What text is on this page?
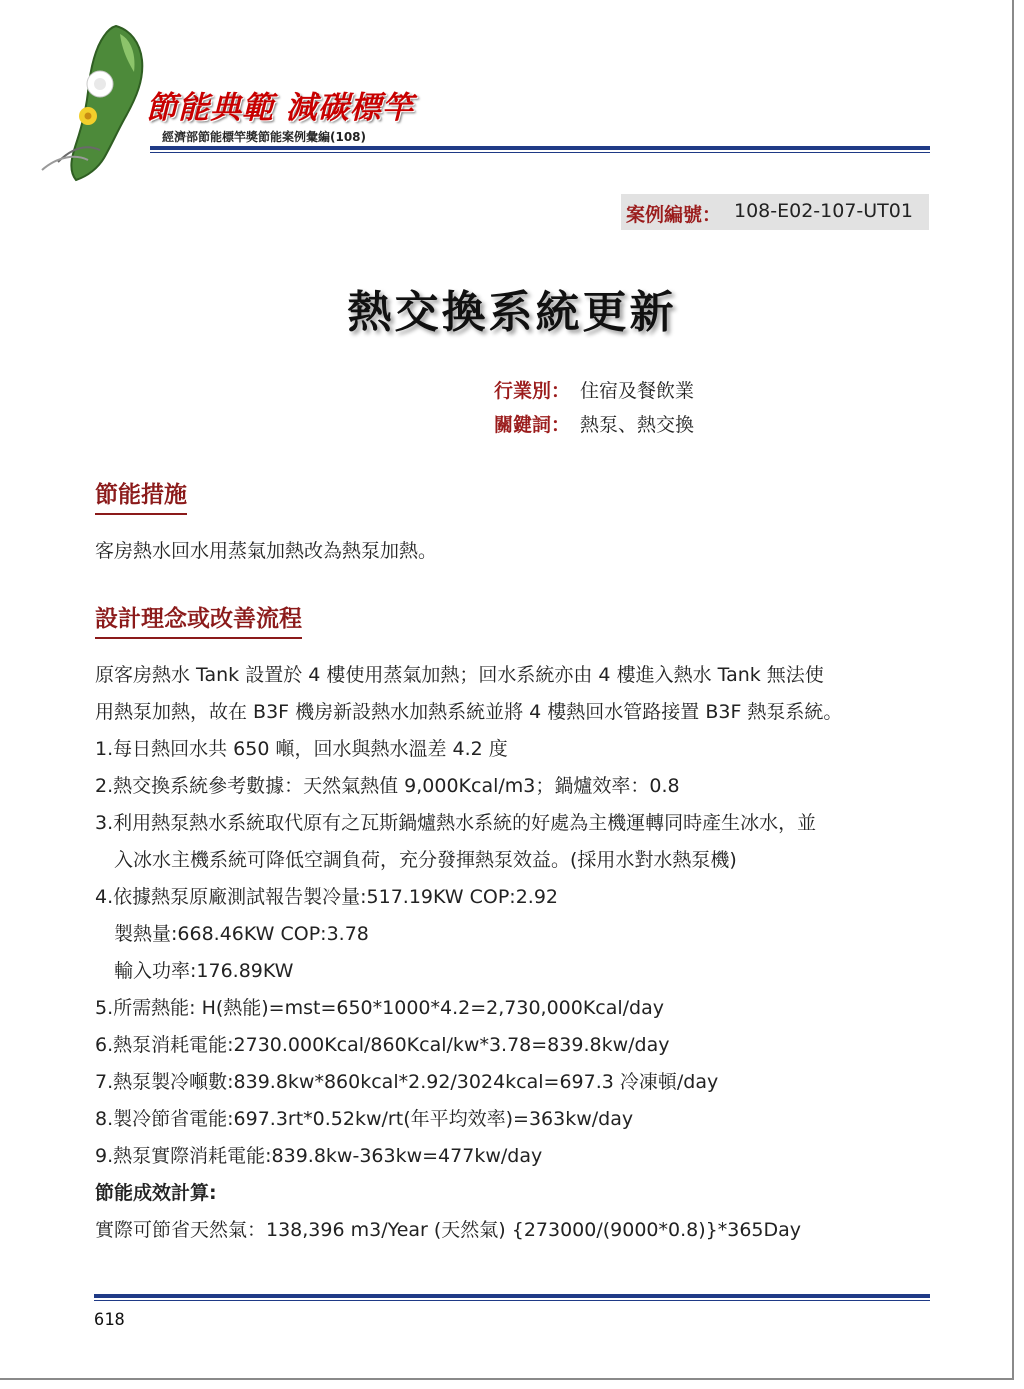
節能典範 減碳標竿
經濟部節能標竿獎節能案例彙編(108)
案例編號： 108-E02-107-UT01
熱交換系統更新
行業別： 住宿及餐飲業
關鍵詞： 熱泵、熱交換
節能措施
客房熱水回水用蒸氣加熱改為熱泵加熱。
設計理念或改善流程
原客房熱水 Tank 設置於 4 樓使用蒸氣加熱；回水系統亦由 4 樓進入熱水 Tank 無法使
用熱泵加熱，故在 B3F 機房新設熱水加熱系統並將 4 樓熱回水管路接置 B3F 熱泵系統。
1.每日熱回水共 650 噸，回水與熱水溫差 4.2 度
2.熱交換系統參考數據：天然氣熱值 9,000Kcal/m3；鍋爐效率：0.8
3.利用熱泵熱水系統取代原有之瓦斯鍋爐熱水系統的好處為主機運轉同時產生冰水，並
入冰水主機系統可降低空調負荷，充分發揮熱泵效益。(採用水對水熱泵機)
4.依據熱泵原廠測試報告製冷量:517.19KW COP:2.92
製熱量:668.46KW COP:3.78
輸入功率:176.89KW
5.所需熱能: H(熱能)=mst=650*1000*4.2=2,730,000Kcal/day
6.熱泵消耗電能:2730.000Kcal/860Kcal/kw*3.78=839.8kw/day
7.熱泵製冷噸數:839.8kw*860kcal*2.92/3024kcal=697.3 冷凍頓/day
8.製冷節省電能:697.3rt*0.52kw/rt(年平均效率)=363kw/day
9.熱泵實際消耗電能:839.8kw-363kw=477kw/day
節能成效計算:
實際可節省天然氣：138,396 m3/Year (天然氣) {273000/(9000*0.8)}*365Day
618
